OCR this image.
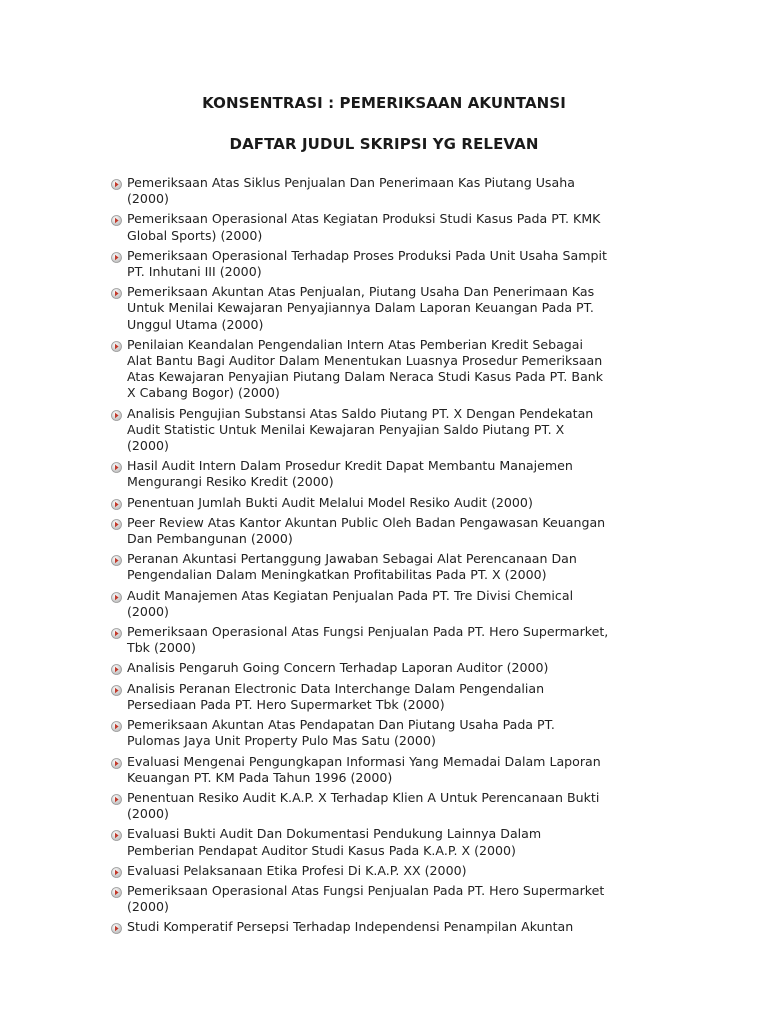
KONSENTRASI : PEMERIKSAAN AKUNTANSI
DAFTAR JUDUL SKRIPSI YG RELEVAN
Pemeriksaan Atas Siklus Penjualan Dan Penerimaan Kas Piutang Usaha (2000)
Pemeriksaan Operasional Atas Kegiatan Produksi Studi Kasus Pada PT. KMK Global Sports) (2000)
Pemeriksaan Operasional Terhadap Proses Produksi Pada Unit Usaha Sampit PT. Inhutani III (2000)
Pemeriksaan Akuntan Atas Penjualan, Piutang Usaha Dan Penerimaan Kas Untuk Menilai Kewajaran Penyajiannya Dalam Laporan Keuangan Pada PT. Unggul Utama (2000)
Penilaian Keandalan Pengendalian Intern Atas Pemberian Kredit Sebagai Alat Bantu Bagi Auditor Dalam Menentukan Luasnya Prosedur Pemeriksaan Atas Kewajaran Penyajian Piutang Dalam Neraca Studi Kasus Pada PT. Bank X Cabang Bogor) (2000)
Analisis Pengujian Substansi Atas Saldo Piutang PT. X Dengan Pendekatan Audit Statistic Untuk Menilai Kewajaran Penyajian Saldo Piutang PT. X (2000)
Hasil Audit Intern Dalam Prosedur Kredit Dapat Membantu Manajemen Mengurangi Resiko Kredit (2000)
Penentuan Jumlah Bukti Audit Melalui Model Resiko Audit (2000)
Peer Review Atas Kantor Akuntan Public Oleh Badan Pengawasan Keuangan Dan Pembangunan (2000)
Peranan Akuntasi Pertanggung Jawaban Sebagai Alat Perencanaan Dan Pengendalian Dalam Meningkatkan Profitabilitas Pada PT. X (2000)
Audit Manajemen Atas Kegiatan Penjualan Pada PT. Tre Divisi Chemical (2000)
Pemeriksaan Operasional Atas Fungsi Penjualan Pada PT. Hero Supermarket, Tbk (2000)
Analisis Pengaruh Going Concern Terhadap Laporan Auditor (2000)
Analisis Peranan Electronic Data Interchange Dalam Pengendalian Persediaan Pada PT. Hero Supermarket Tbk (2000)
Pemeriksaan Akuntan Atas Pendapatan Dan Piutang Usaha Pada PT. Pulomas Jaya Unit Property Pulo Mas Satu (2000)
Evaluasi Mengenai Pengungkapan Informasi Yang Memadai Dalam Laporan Keuangan PT. KM Pada Tahun 1996 (2000)
Penentuan Resiko Audit K.A.P. X Terhadap Klien A Untuk Perencanaan Bukti (2000)
Evaluasi Bukti Audit Dan Dokumentasi Pendukung Lainnya Dalam Pemberian Pendapat Auditor Studi Kasus Pada K.A.P. X (2000)
Evaluasi Pelaksanaan Etika Profesi Di K.A.P. XX (2000)
Pemeriksaan Operasional Atas Fungsi Penjualan Pada PT. Hero Supermarket (2000)
Studi Komperatif Persepsi Terhadap Independensi Penampilan Akuntan
